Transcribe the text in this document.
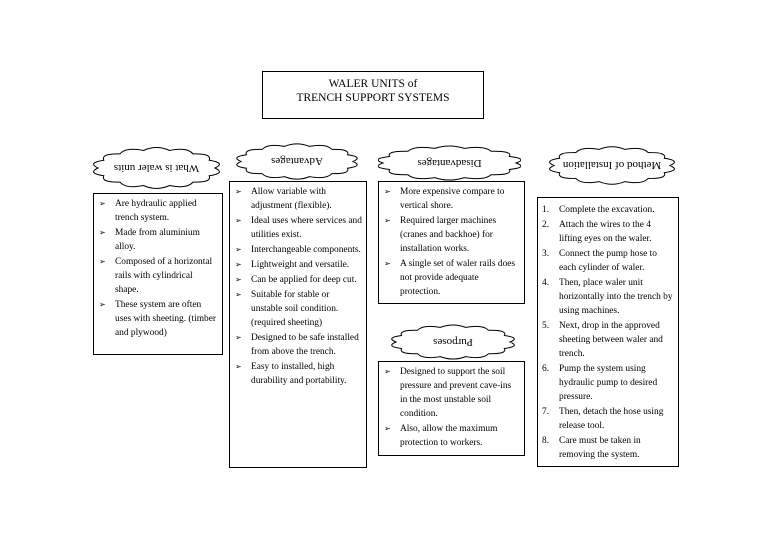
WALER UNITS of
TRENCH SUPPORT SYSTEMS
What is waler units
Advantages	Disadvantages	Method of Installation
Purposes
➢ Are hydraulic applied trench system.
➢ Made from aluminium alloy.
➢ Composed of a horizontal rails with cylindrical shape.
➢ These system are often uses with sheeting. (timber and plywood)
➢ Allow variable with adjustment (flexible).
➢ Ideal uses where services and utilities exist.
➢ Interchangeable components.
➢ Lightweight and versatile.
➢ Can be applied for deep cut.
➢ Suitable for stable or unstable soil condition. (required sheeting)
➢ Designed to be safe installed from above the trench.
➢ Easy to installed, high durability and portability.
➢ More expensive compare to vertical shore.
➢ Required larger machines (cranes and backhoe) for installation works.
➢ A single set of waler rails does not provide adequate protection.
➢ Designed to support the soil pressure and prevent cave-ins in the most unstable soil condition.
➢ Also, allow the maximum protection to workers.
1. Complete the excavation.
2. Attach the wires to the 4 lifting eyes on the waler.
3. Connect the pump hose to each cylinder of waler.
4. Then, place waler unit horizontally into the trench by using machines.
5. Next, drop in the approved sheeting between waler and trench.
6. Pump the system using hydraulic pump to desired pressure.
7. Then, detach the hose using release tool.
8. Care must be taken in removing the system.
